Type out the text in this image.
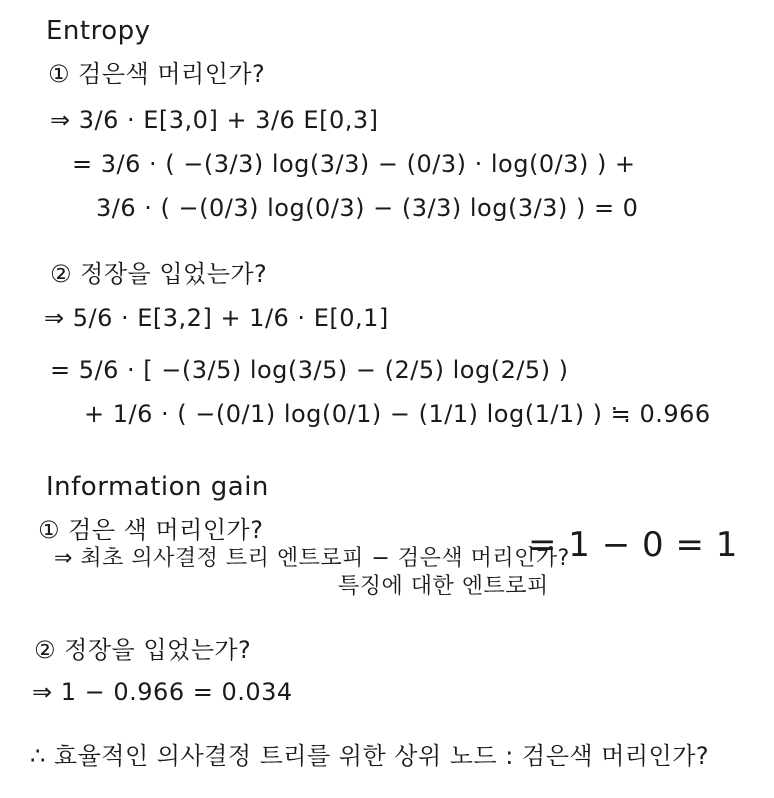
Entropy
① 검은색 머리인가?
⇒ 3/6 · E[3,0] + 3/6 E[0,3]
= 3/6 · ( −(3/3) log(3/3) − (0/3) · log(0/3) ) +
3/6 · ( −(0/3) log(0/3) − (3/3) log(3/3) ) = 0
② 정장을 입었는가?
⇒ 5/6 · E[3,2] + 1/6 · E[0,1]
= 5/6 · [ −(3/5) log(3/5) − (2/5) log(2/5) )
+ 1/6 · ( −(0/1) log(0/1) − (1/1) log(1/1) ) ≒ 0.966
Information gain
① 검은 색 머리인가?
⇒ 최초 의사결정 트리 엔트로피 − 검은색 머리인가?
특징에 대한 엔트로피
= 1 − 0 = 1
② 정장을 입었는가?
⇒ 1 − 0.966 = 0.034
∴ 효율적인 의사결정 트리를 위한 상위 노드 : 검은색 머리인가?
